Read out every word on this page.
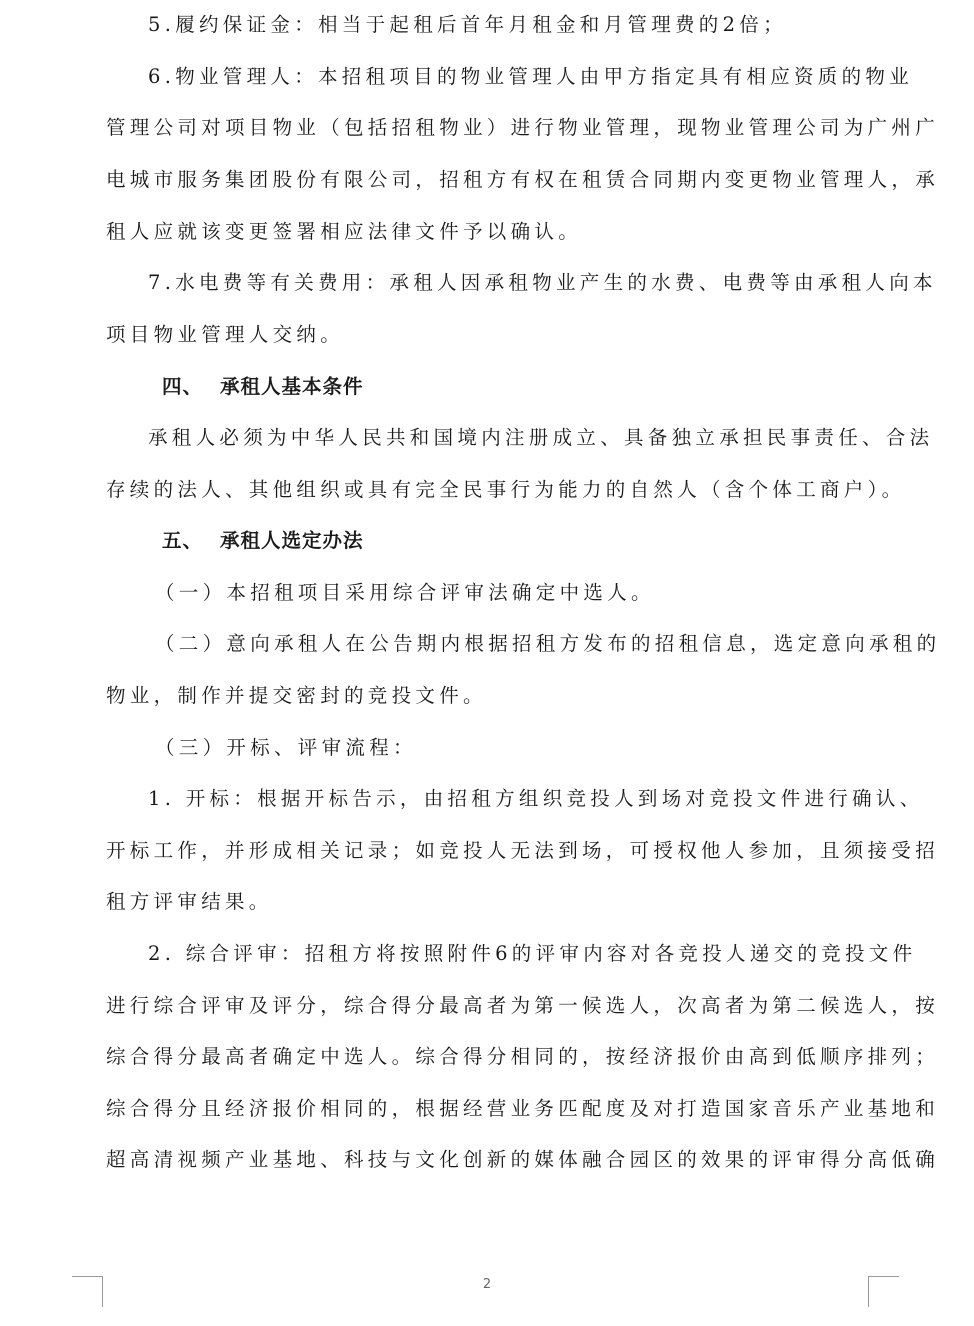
5.履约保证金：相当于起租后首年月租金和月管理费的2倍；
6.物业管理人：本招租项目的物业管理人由甲方指定具有相应资质的物业
管理公司对项目物业（包括招租物业）进行物业管理，现物业管理公司为广州广
电城市服务集团股份有限公司，招租方有权在租赁合同期内变更物业管理人，承
租人应就该变更签署相应法律文件予以确认。
7.水电费等有关费用：承租人因承租物业产生的水费、电费等由承租人向本
项目物业管理人交纳。
四、 承租人基本条件
承租人必须为中华人民共和国境内注册成立、具备独立承担民事责任、合法
存续的法人、其他组织或具有完全民事行为能力的自然人（含个体工商户）。
五、 承租人选定办法
（一）本招租项目采用综合评审法确定中选人。
（二）意向承租人在公告期内根据招租方发布的招租信息，选定意向承租的
物业，制作并提交密封的竞投文件。
（三）开标、评审流程：
1. 开标：根据开标告示，由招租方组织竞投人到场对竞投文件进行确认、
开标工作，并形成相关记录；如竞投人无法到场，可授权他人参加，且须接受招
租方评审结果。
2. 综合评审：招租方将按照附件6的评审内容对各竞投人递交的竞投文件
进行综合评审及评分，综合得分最高者为第一候选人，次高者为第二候选人，按
综合得分最高者确定中选人。综合得分相同的，按经济报价由高到低顺序排列；
综合得分且经济报价相同的，根据经营业务匹配度及对打造国家音乐产业基地和
超高清视频产业基地、科技与文化创新的媒体融合园区的效果的评审得分高低确
2
